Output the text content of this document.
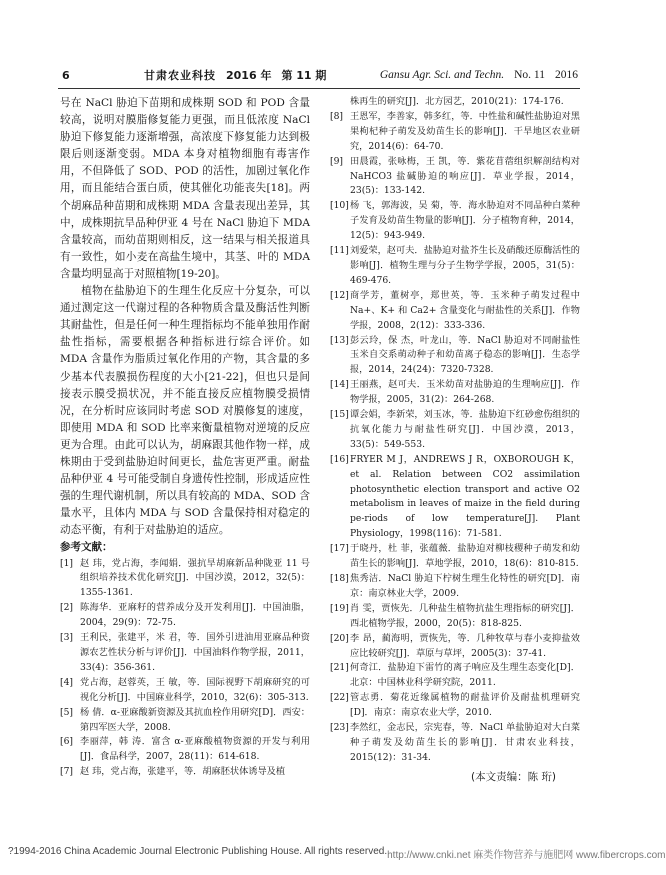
6	甘肃农业科技 2016 年 第 11 期	Gansu Agr. Sci. and Techn. No. 11 2016

号在 NaCl 胁迫下苗期和成株期 SOD 和 POD 含量较高，说明对膜脂修复能力更强，而且低浓度 NaCl 胁迫下修复能力逐渐增强，高浓度下修复能力达到极限后则逐渐变弱。MDA 本身对植物细胞有毒害作用，不但降低了 SOD、POD 的活性，加剧过氧化作用，而且能结合蛋白质，使其催化功能丧失[18]。两个胡麻品种苗期和成株期 MDA 含量表现出差异，其中，成株期抗旱品种伊亚 4 号在 NaCl 胁迫下 MDA 含量较高，而幼苗期则相反，这一结果与相关报道具有一致性，如小麦在高盐生境中，其茎、叶的 MDA 含量均明显高于对照植物[19-20]。

植物在盐胁迫下的生理生化反应十分复杂，可以通过测定这一代谢过程的各种物质含量及酶活性判断其耐盐性，但是任何一种生理指标均不能单独用作耐盐性指标，需要根据各种指标进行综合评价。如 MDA 含量作为脂质过氧化作用的产物，其含量的多少基本代表膜损伤程度的大小[21-22]，但也只是间接表示膜受损状况，并不能直接反应植物膜受损情况，在分析时应该同时考虑 SOD 对膜修复的速度，即使用 MDA 和 SOD 比率来衡量植物对逆境的反应更为合理。由此可以认为，胡麻跟其他作物一样，成株期由于受到盐胁迫时间更长，盐危害更严重。耐盐品种伊亚 4 号可能受制自身遗传性控制，形成适应性强的生理代谢机制，所以具有较高的 MDA、SOD 含量水平，且体内 MDA 与 SOD 含量保持相对稳定的动态平衡，有利于对盐胁迫的适应。

参考文献：
[1] 赵 玮，党占海，李闻娟．强抗旱胡麻新品种陇亚 11 号组织培养技术优化研究[J]．中国沙漠，2012，32(5)：1355-1361.
[2] 陈海华．亚麻籽的营养成分及开发利用[J]．中国油脂，2004，29(9)：72-75.
[3] 王利民，张建平，米 君，等．国外引进油用亚麻品种资源农艺性状分析与评价[J]．中国油料作物学报，2011，33(4)：356-361.
[4] 党占海，赵蓉英，王 敏，等．国际视野下胡麻研究的可视化分析[J]．中国麻业科学，2010，32(6)：305-313.
[5] 杨 倩．α-亚麻酸新资源及其抗血栓作用研究[D]．西安：第四军医大学，2008.
[6] 李丽萍，韩 涛．富含 α-亚麻酸植物资源的开发与利用[J]．食品科学，2007，28(11)：614-618.
[7] 赵 玮，党占海，张建平，等．胡麻胚状体诱导及植
株再生的研究[J]．北方园艺，2010(21)：174-176.
[8] 王恩军，李善家，韩多红，等．中性盐和碱性盐胁迫对黑果枸杞种子萌发及幼苗生长的影响[J]．干旱地区农业研究，2014(6)：64-70.
[9] 田晨霞，张咏梅，王 凯，等．紫花苜蓿组织解剖结构对 NaHCO3 盐碱胁迫的响应[J]．草业学报，2014，23(5)：133-142.
[10] 杨 飞，郭海波，吴 菊，等．海水胁迫对不同品种白菜种子发育及幼苗生物量的影响[J]．分子植物育种，2014，12(5)：943-949.
[11] 刘爱荣，赵可夫．盐胁迫对盐芥生长及硝酸还原酶活性的影响[J]．植物生理与分子生物学学报，2005，31(5)：469-476.
[12] 商学芳，董树亭，郑世英，等．玉米种子萌发过程中 Na+、K+ 和 Ca2+ 含量变化与耐盐性的关系[J]．作物学报，2008，2(12)：333-336.
[13] 彭云玲，保 杰，叶龙山，等．NaCl 胁迫对不同耐盐性玉米自交系萌动种子和幼苗离子稳态的影响[J]．生态学报，2014，24(24)：7320-7328.
[14] 王丽燕，赵可夫．玉米幼苗对盐胁迫的生理响应[J]．作物学报，2005，31(2)：264-268.
[15] 谭会娟，李新荣，刘玉冰，等．盐胁迫下红砂愈伤组织的抗氧化能力与耐盐性研究[J]．中国沙漠，2013，33(5)：549-553.
[16] FRYER M J，ANDREWS J R，OXBOROUGH K，et al. Relation between CO2 assimilation photosynthetic election transport and active O2 metabolism in leaves of maize in the field during pe-riods of low temperature[J]. Plant Physiology，1998(116)：71-581.
[17] 于晓丹，杜 菲，张蕴薇．盐胁迫对柳枝稷种子萌发和幼苗生长的影响[J]．草地学报，2010，18(6)：810-815.
[18] 焦秀洁．NaCl 胁迫下柠树生理生化特性的研究[D]．南京：南京林业大学，2009.
[19] 肖 雯，贾恢先．几种盐生植物抗盐生理指标的研究[J]．西北植物学报，2000，20(5)：818-825.
[20] 李 昂，蔺海明，贾恢先，等．几种牧草与春小麦抑盐效应比较研究[J]．草原与草坪，2005(3)：37-41.
[21] 何奇江．盐胁迫下雷竹的离子响应及生理生态变化[D]．北京：中国林业科学研究院，2011.
[22] 管志勇．菊花近缘属植物的耐盐评价及耐盐机理研究[D]．南京：南京农业大学，2010.
[23] 李然红，金志民，宗宪春，等．NaCl 单盐胁迫对大白菜种子萌发及幼苗生长的影响[J]．甘肃农业科技，2015(12)：31-34.
(本文责编：陈 珩)
?1994-2016 China Academic Journal Electronic Publishing House. All rights reserved. http://www.cnki.net 麻类作物营养与施肥网 www.fibercrops.com
